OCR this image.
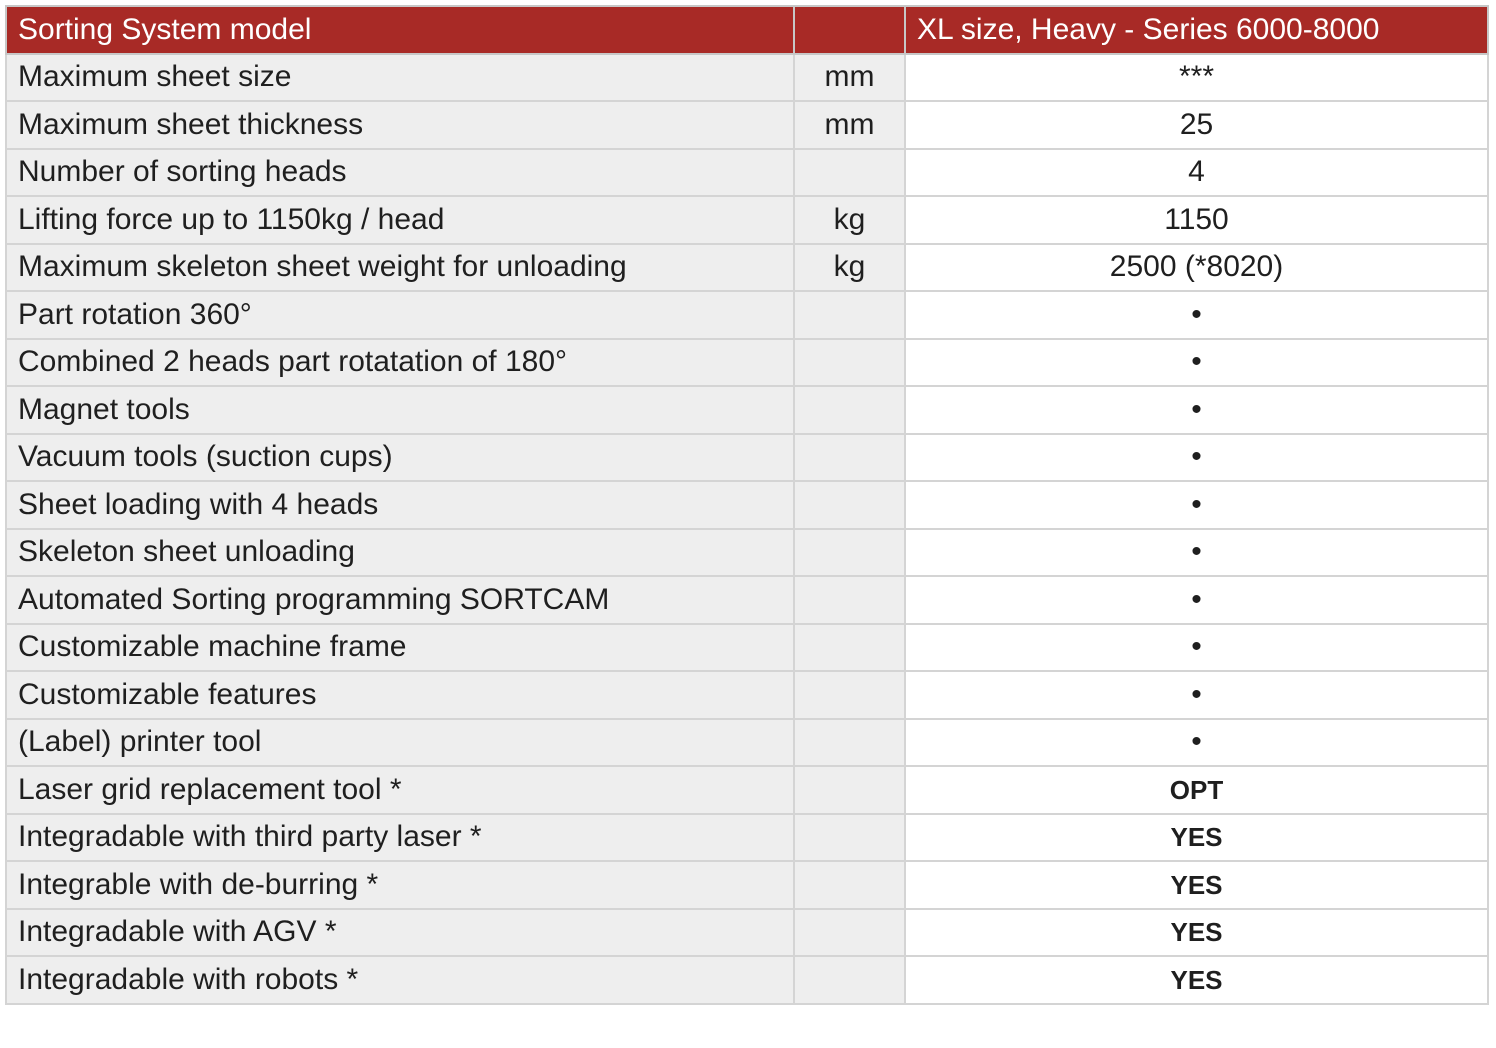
Sorting System model		XL size, Heavy - Series 6000-8000
Maximum sheet size	mm	***
Maximum sheet thickness	mm	25
Number of sorting heads		4
Lifting force up to 1150kg / head	kg	1150
Maximum skeleton sheet weight for unloading	kg	2500 (*8020)
Part rotation 360°		•
Combined 2 heads part rotatation of 180°		•
Magnet tools		•
Vacuum tools (suction cups)		•
Sheet loading with 4 heads		•
Skeleton sheet unloading		•
Automated Sorting programming SORTCAM		•
Customizable machine frame		•
Customizable features		•
(Label) printer tool		•
Laser grid replacement tool *		OPT
Integradable with third party laser *		YES
Integrable with de-burring *		YES
Integradable with AGV *		YES
Integradable with robots *		YES
